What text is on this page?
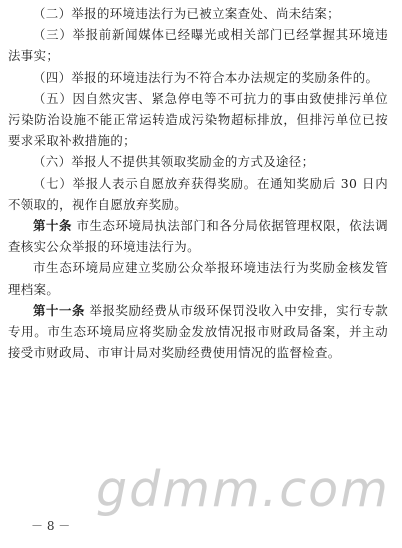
（二）举报的环境违法行为已被立案查处、尚未结案；

（三）举报前新闻媒体已经曝光或相关部门已经掌握其环境违法事实；

（四）举报的环境违法行为不符合本办法规定的奖励条件的。

（五）因自然灾害、紧急停电等不可抗力的事由致使排污单位污染防治设施不能正常运转造成污染物超标排放，但排污单位已按要求采取补救措施的；

（六）举报人不提供其领取奖励金的方式及途径；

（七）举报人表示自愿放弃获得奖励。在通知奖励后 30 日内不领取的，视作自愿放弃奖励。

第十条 市生态环境局执法部门和各分局依据管理权限，依法调查核实公众举报的环境违法行为。

市生态环境局应建立奖励公众举报环境违法行为奖励金核发管理档案。

第十一条 举报奖励经费从市级环保罚没收入中安排，实行专款专用。市生态环境局应将奖励金发放情况报市财政局备案，并主动接受市财政局、市审计局对奖励经费使用情况的监督检查。

gdmm.com
－ 8 －
